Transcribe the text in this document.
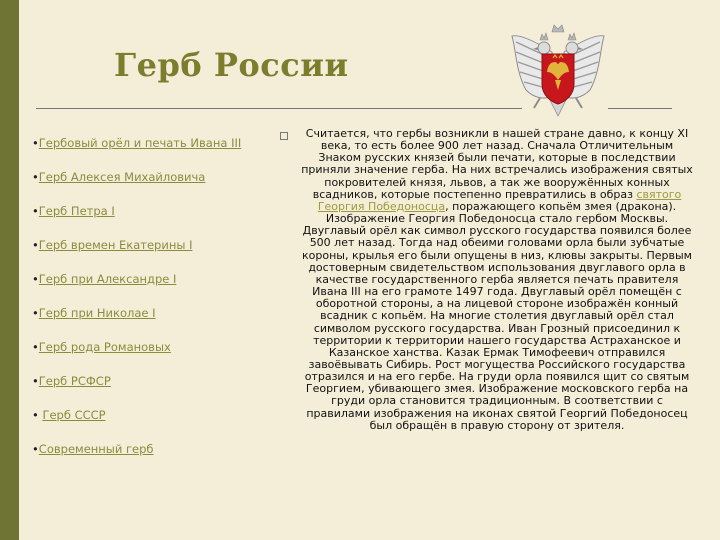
Герб России
•Гербовый орёл и печать Ивана III
•Герб Алексея Михайловича
•Герб Петра I
•Герб времен Екатерины I
•Герб при Александре I
•Герб при Николае I
•Герб рода Романовых
•Герб РСФСР
• Герб СССР
•Современный герб

Считается, что гербы возникли в нашей стране давно, к концу XI века, то есть более 900 лет назад. Сначала Отличительным Знаком русских князей были печати, которые в последствии приняли значение герба. На них встречались изображения святых покровителей князя, львов, а так же вооружённых конных всадников, которые постепенно превратились в образ святого Георгия Победоносца, поражающего копьём змея (дракона). Изображение Георгия Победоносца стало гербом Москвы. Двуглавый орёл как символ русского государства появился более 500 лет назад. Тогда над обеими головами орла были зубчатые короны, крылья его были опущены в низ, клювы закрыты. Первым достоверным свидетельством использования двуглавого орла в качестве государственного герба является печать правителя Ивана III на его грамоте 1497 года. Двуглавый орёл помещён с оборотной стороны, а на лицевой стороне изображён конный всадник с копьём. На многие столетия двуглавый орёл стал символом русского государства. Иван Грозный присоединил к территории к территории нашего государства Астраханское и Казанское ханства. Казак Ермак Тимофеевич отправился завоёвывать Сибирь. Рост могущества Российского государства отразился и на его гербе. На груди орла появился щит со святым Георгием, убивающего змея. Изображение московского герба на груди орла становится традиционным. В соответствии с правилами изображения на иконах святой Георгий Победоносец был обращён в правую сторону от зрителя.
